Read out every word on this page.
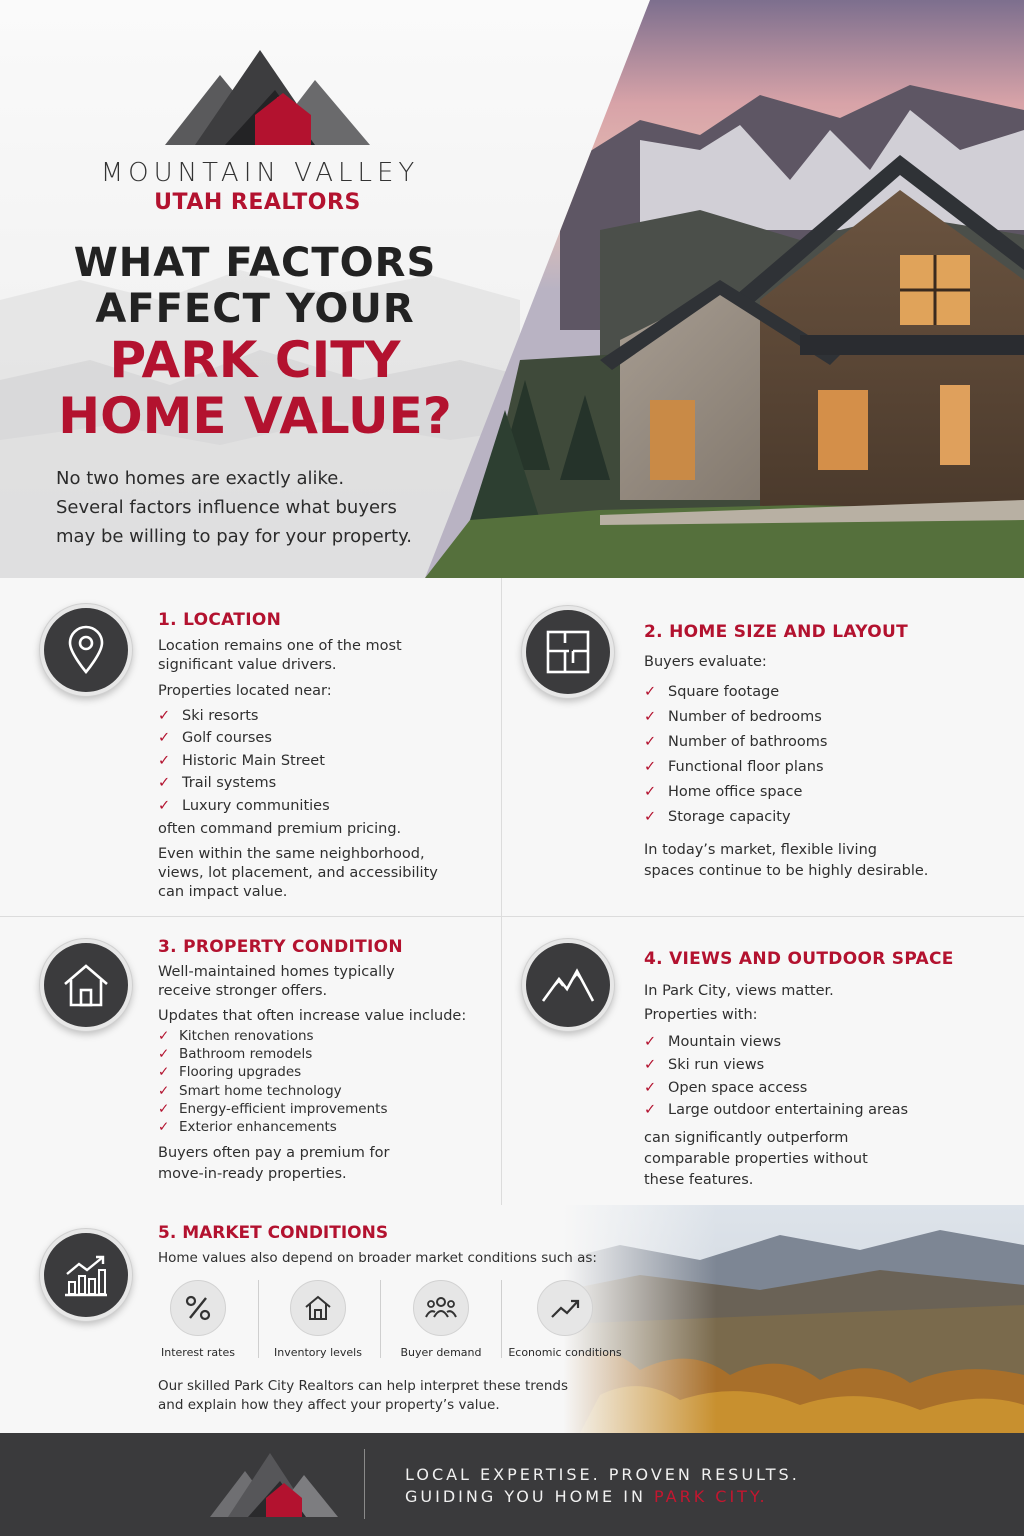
MOUNTAIN VALLEY
UTAH REALTORS
WHAT FACTORS
AFFECT YOUR
PARK CITY
HOME VALUE?
No two homes are exactly alike.
Several factors influence what buyers
may be willing to pay for your property.
1. LOCATION
Location remains one of the most
significant value drivers.
Properties located near:
✓ Ski resorts
✓ Golf courses
✓ Historic Main Street
✓ Trail systems
✓ Luxury communities
often command premium pricing.
Even within the same neighborhood,
views, lot placement, and accessibility
can impact value.
2. HOME SIZE AND LAYOUT
Buyers evaluate:
✓ Square footage
✓ Number of bedrooms
✓ Number of bathrooms
✓ Functional floor plans
✓ Home office space
✓ Storage capacity
In today’s market, flexible living
spaces continue to be highly desirable.
3. PROPERTY CONDITION
Well-maintained homes typically
receive stronger offers.
Updates that often increase value include:
✓ Kitchen renovations
✓ Bathroom remodels
✓ Flooring upgrades
✓ Smart home technology
✓ Energy-efficient improvements
✓ Exterior enhancements
Buyers often pay a premium for
move-in-ready properties.
4. VIEWS AND OUTDOOR SPACE
In Park City, views matter.
Properties with:
✓ Mountain views
✓ Ski run views
✓ Open space access
✓ Large outdoor entertaining areas
can significantly outperform
comparable properties without
these features.
5. MARKET CONDITIONS
Home values also depend on broader market conditions such as:
Interest rates	Inventory levels	Buyer demand	Economic conditions
Our skilled Park City Realtors can help interpret these trends
and explain how they affect your property’s value.
LOCAL EXPERTISE. PROVEN RESULTS.
GUIDING YOU HOME IN PARK CITY.
